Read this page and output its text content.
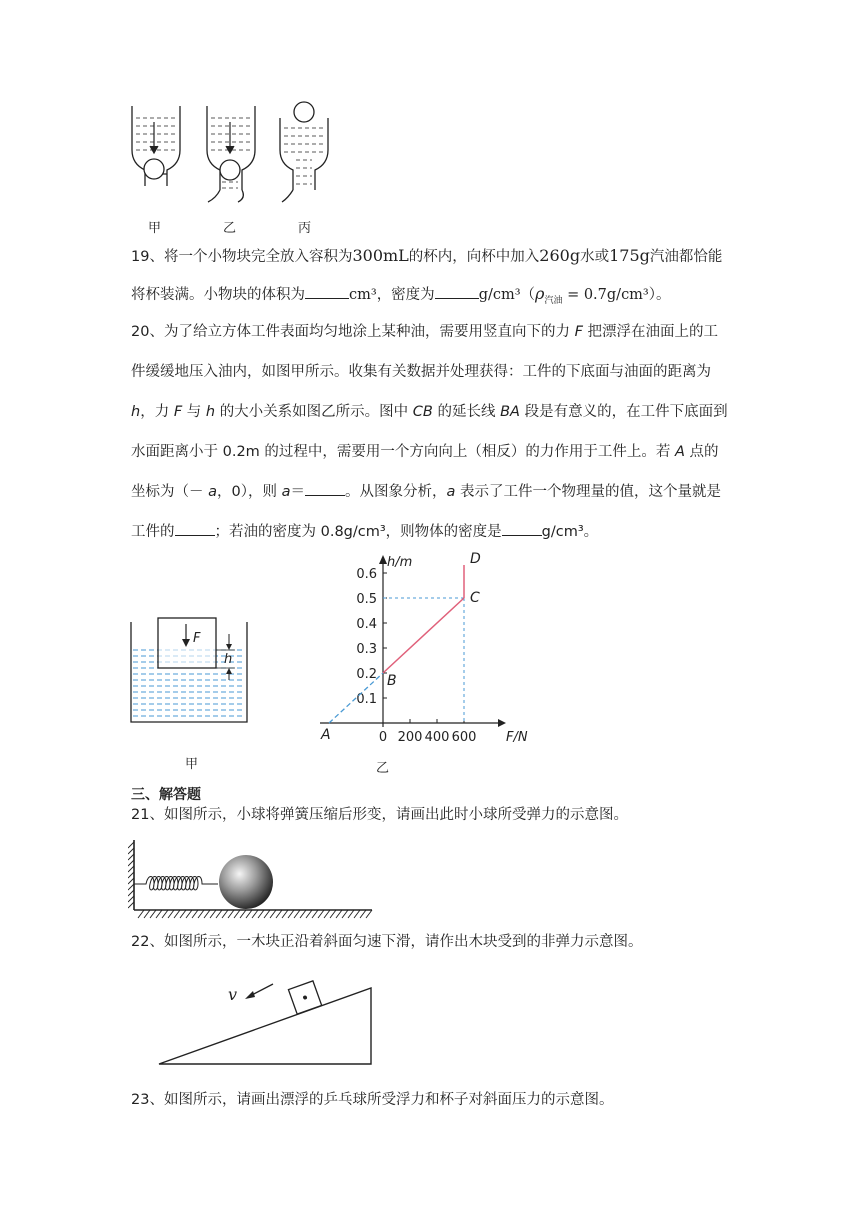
甲	乙	丙
19、将一个小物块完全放入容积为300mL的杯内，向杯中加入260g水或175g汽油都恰能
将杯装满。小物块的体积为	cm³，密度为	$g/cm^3(\rho_{汽油} = 0.7g/cm^3)$。

20、为了给立方体工件表面均匀地涂上某种油，需要用竖直向下的力 F 把漂浮在油面上的工

件缓缓地压入油内，如图甲所示。收集有关数据并处理获得：工件的下底面与油面的距离为

h，力 F 与 h 的大小关系如图乙所示。图中 CB 的延长线 BA 段是有意义的，在工件下底面到

水面距离小于 0.2m 的过程中，需要用一个方向向上（相反）的力作用于工件上。若 A 点的

坐标为（－ a，0），则 a＝	。从图象分析，a 表示了工件一个物理量的值，这个量就是

工件的	；若油的密度为 0.8g/cm³，则物体的密度是	g/cm³。

F
h
甲
h/m
F/N
0.1
0.2
0.3
0.4
0.5
0.6
0 200 400 600
A
B
C
D
乙
三、解答题
21、如图所示，小球将弹簧压缩后形变，请画出此时小球所受弹力的示意图。
22、如图所示，一木块正沿着斜面匀速下滑，请作出木块受到的非弹力示意图。
v
23、如图所示，请画出漂浮的乒乓球所受浮力和杯子对斜面压力的示意图。
